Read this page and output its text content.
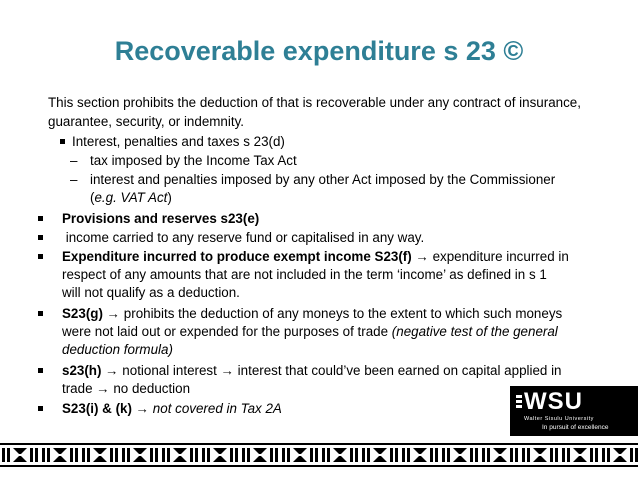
Recoverable expenditure s 23 ©
This section prohibits the deduction of that is recoverable under any contract of insurance, guarantee, security, or indemnity.
Interest, penalties and taxes s 23(d)
– tax imposed by the Income Tax Act
– interest and penalties imposed by any other Act imposed by the Commissioner
(e.g. VAT Act)
Provisions and reserves s23(e)
income carried to any reserve fund or capitalised in any way.
Expenditure incurred to produce exempt income S23(f) → expenditure incurred in
respect of any amounts that are not included in the term ‘income’ as defined in s 1
will not qualify as a deduction.
S23(g) → prohibits the deduction of any moneys to the extent to which such moneys
were not laid out or expended for the purposes of trade (negative test of the general
deduction formula)
s23(h) → notional interest → interest that could’ve been earned on capital applied in
trade → no deduction
S23(i) & (k) → not covered in Tax 2A	WSU
Walter Sisulu University
In pursuit of excellence
